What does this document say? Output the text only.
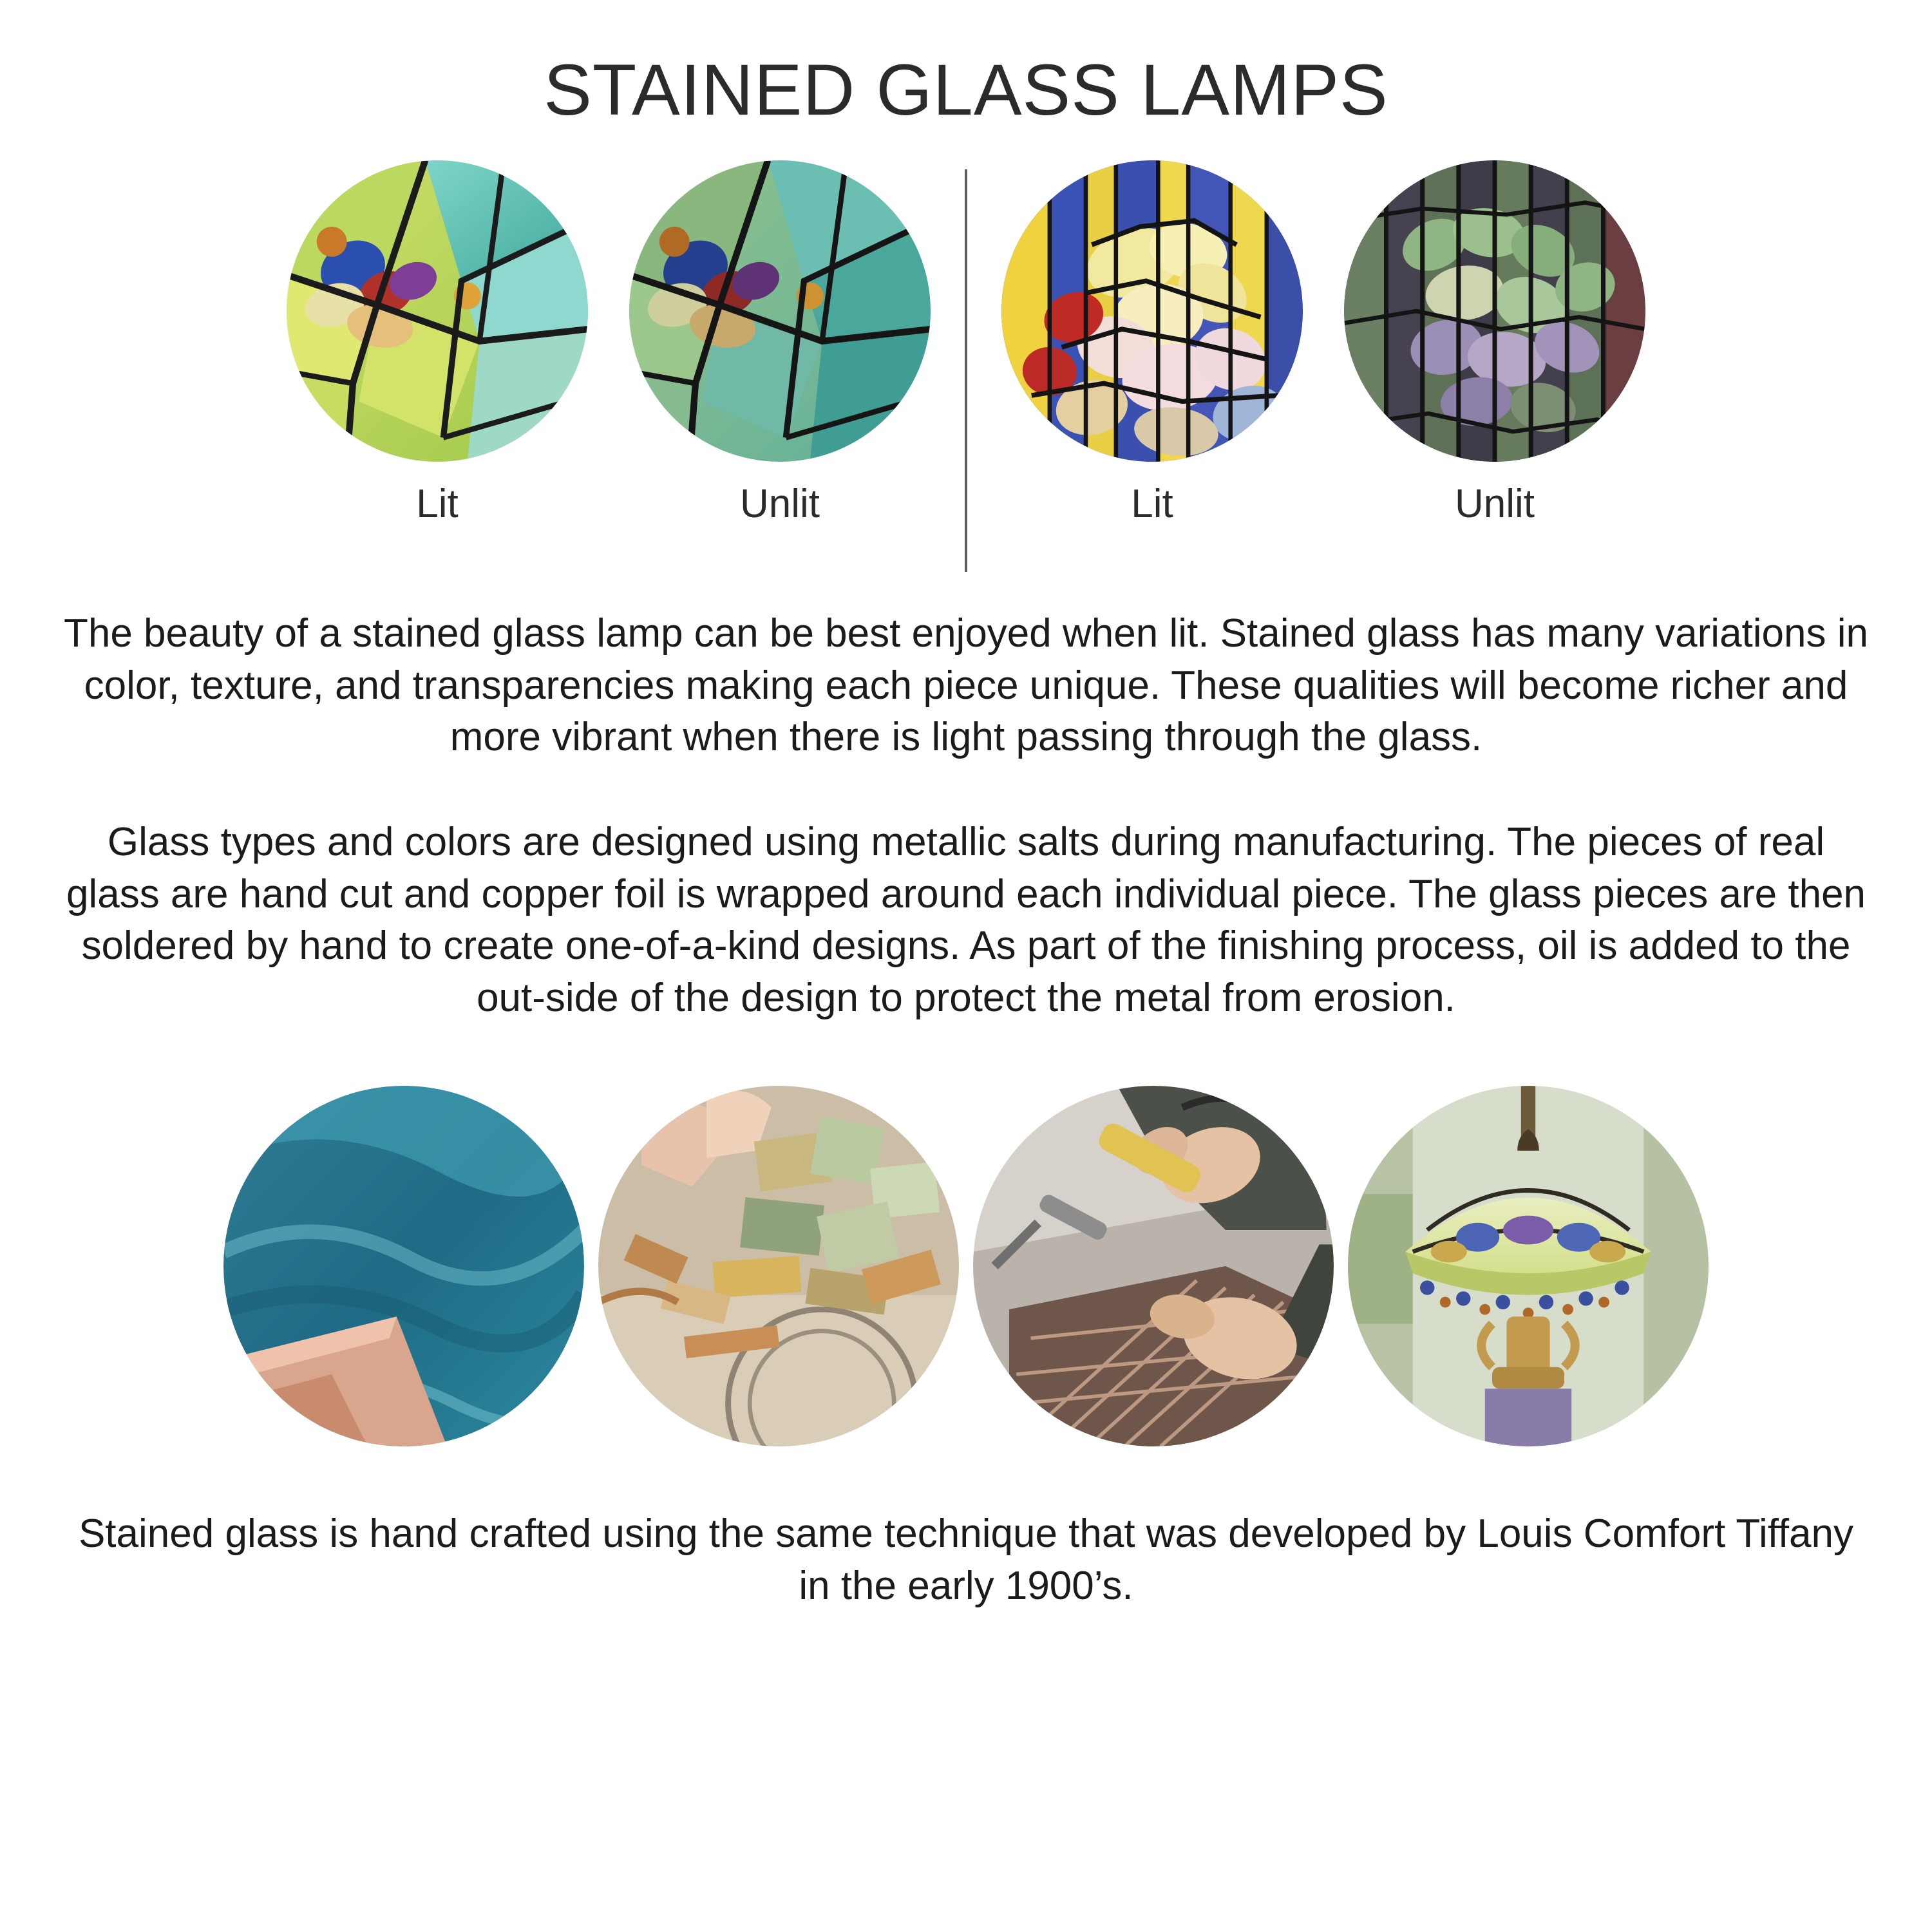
STAINED GLASS LAMPS
Lit	Unlit	Lit	Unlit

The beauty of a stained glass lamp can be best enjoyed when lit. Stained glass has many variations in color, texture, and transparencies making each piece unique. These qualities will become richer and more vibrant when there is light passing through the glass.

Glass types and colors are designed using metallic salts during manufacturing. The pieces of real glass are hand cut and copper foil is wrapped around each individual piece. The glass pieces are then soldered by hand to create one-of-a-kind designs. As part of the finishing process, oil is added to the out-side of the design to protect the metal from erosion.

Stained glass is hand crafted using the same technique that was developed by Louis Comfort Tiffany in the early 1900’s.
